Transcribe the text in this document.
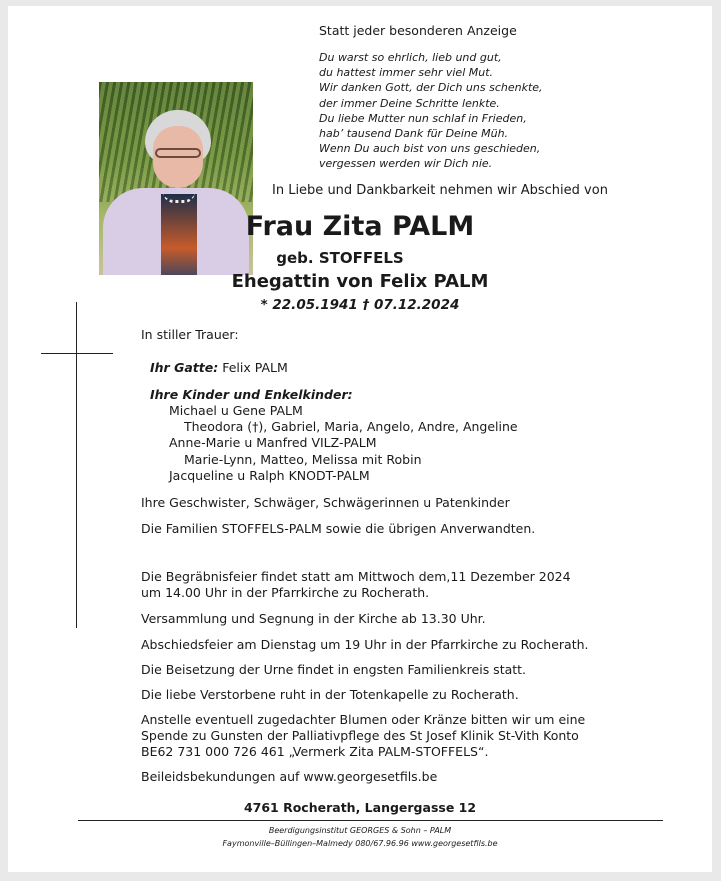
Statt jeder besonderen Anzeige
Du warst so ehrlich, lieb und gut,
du hattest immer sehr viel Mut.
Wir danken Gott, der Dich uns schenkte,
der immer Deine Schritte lenkte.
Du liebe Mutter nun schlaf in Frieden,
hab’ tausend Dank für Deine Müh.
Wenn Du auch bist von uns geschieden,
vergessen werden wir Dich nie.
In Liebe und Dankbarkeit nehmen wir Abschied von
Frau Zita PALM
geb. STOFFELS
Ehegattin von Felix PALM
* 22.05.1941 † 07.12.2024
In stiller Trauer:
Ihr Gatte: Felix PALM
Ihre Kinder und Enkelkinder:
Michael u Gene PALM
Theodora (†), Gabriel, Maria, Angelo, Andre, Angeline
Anne-Marie u Manfred VILZ-PALM
Marie-Lynn, Matteo, Melissa mit Robin
Jacqueline u Ralph KNODT-PALM
Ihre Geschwister, Schwäger, Schwägerinnen u Patenkinder
Die Familien STOFFELS-PALM sowie die übrigen Anverwandten.
Die Begräbnisfeier findet statt am Mittwoch dem,11 Dezember 2024
um 14.00 Uhr in der Pfarrkirche zu Rocherath.
Versammlung und Segnung in der Kirche ab 13.30 Uhr.
Abschiedsfeier am Dienstag um 19 Uhr in der Pfarrkirche zu Rocherath.
Die Beisetzung der Urne findet in engsten Familienkreis statt.
Die liebe Verstorbene ruht in der Totenkapelle zu Rocherath.
Anstelle eventuell zugedachter Blumen oder Kränze bitten wir um eine
Spende zu Gunsten der Palliativpflege des St Josef Klinik St-Vith Konto
BE62 731 000 726 461 „Vermerk Zita PALM-STOFFELS“.
Beileidsbekundungen auf www.georgesetfils.be
4761 Rocherath, Langergasse 12
Beerdigungsinstitut GEORGES & Sohn – PALM
Faymonville–Büllingen–Malmedy 080/67.96.96 www.georgesetfils.be
